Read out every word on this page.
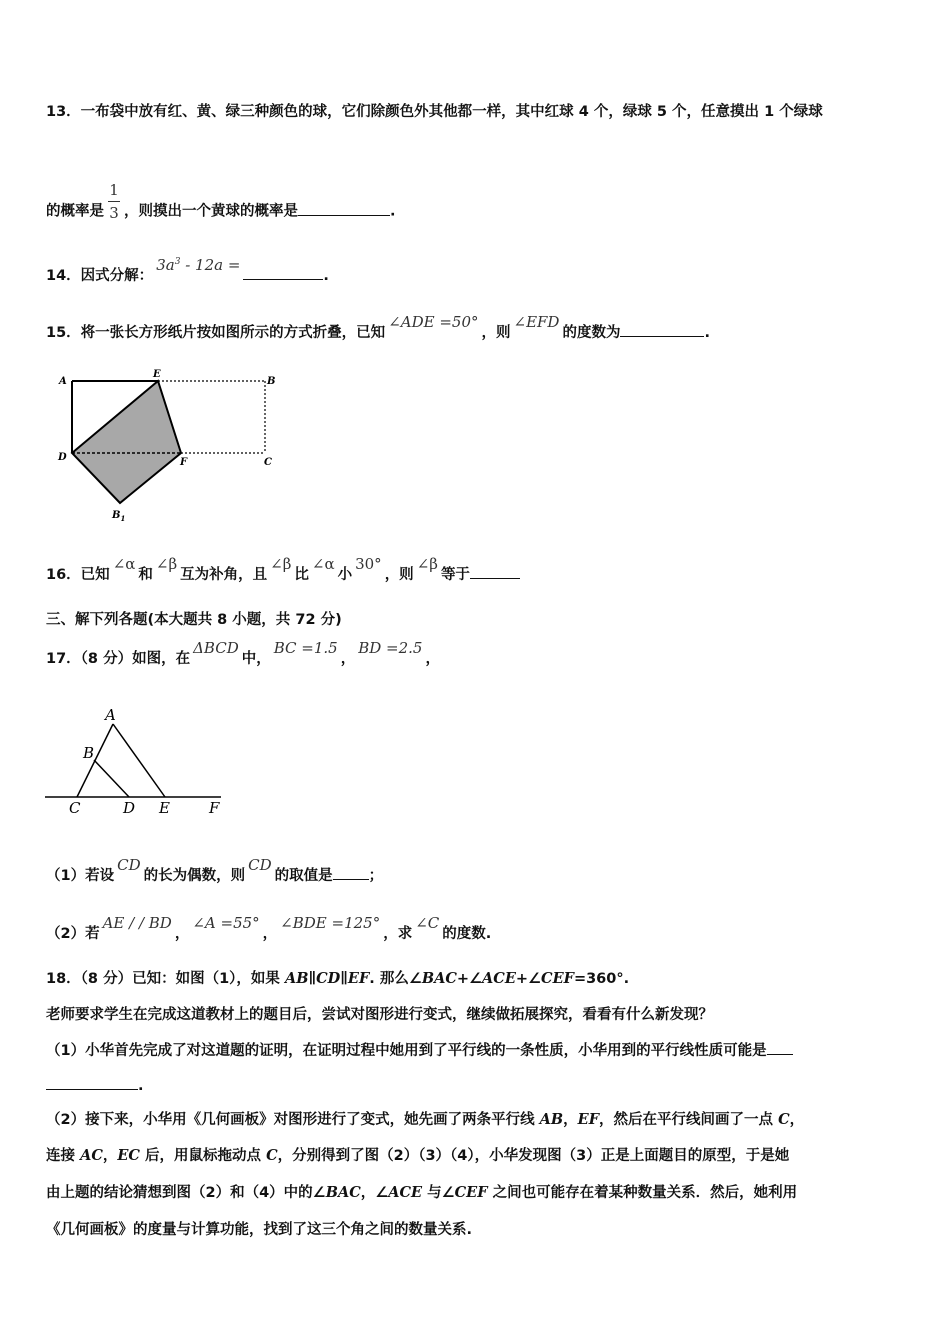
13．一布袋中放有红、黄、绿三种颜色的球，它们除颜色外其他都一样，其中红球 4 个，绿球 5 个，任意摸出 1 个绿球
的概率是 $\frac{1}{3}$ ，则摸出一个黄球的概率是	.
14．因式分解：$3a^3 - 12a$ =.
15．将一张长方形纸片按如图所示的方式折叠，已知∠ADE =50°，则∠EFD的度数为	.
A
E
B
D	F	C
$B_1$
16．已知∠α和∠β互为补角，且∠β比∠α小30°，则∠β等于
三、解下列各题(本大题共 8 小题，共 72 分)
17．（8 分）如图，在ΔBCD中，BC =1.5，BD =2.5，
A
B
C	D E	F
（1）若设CD的长为偶数，则CD的取值是 ；
（2）若AE / / BD，∠A =55°，∠BDE =125°，求∠C的度数.
18．（8 分）已知：如图（1），如果 AB∥CD∥EF. 那么∠BAC+∠ACE+∠CEF=360°.
老师要求学生在完成这道教材上的题目后，尝试对图形进行变式，继续做拓展探究，看看有什么新发现？
（1）小华首先完成了对这道题的证明，在证明过程中她用到了平行线的一条性质，小华用到的平行线性质可能是
.
（2）接下来，小华用《几何画板》对图形进行了变式，她先画了两条平行线 AB，EF，然后在平行线间画了一点 C，
连接 AC，EC 后，用鼠标拖动点 C，分别得到了图（2）（3）（4），小华发现图（3）正是上面题目的原型，于是她
由上题的结论猜想到图（2）和（4）中的∠BAC，∠ACE 与∠CEF 之间也可能存在着某种数量关系．然后，她利用
《几何画板》的度量与计算功能，找到了这三个角之间的数量关系.
